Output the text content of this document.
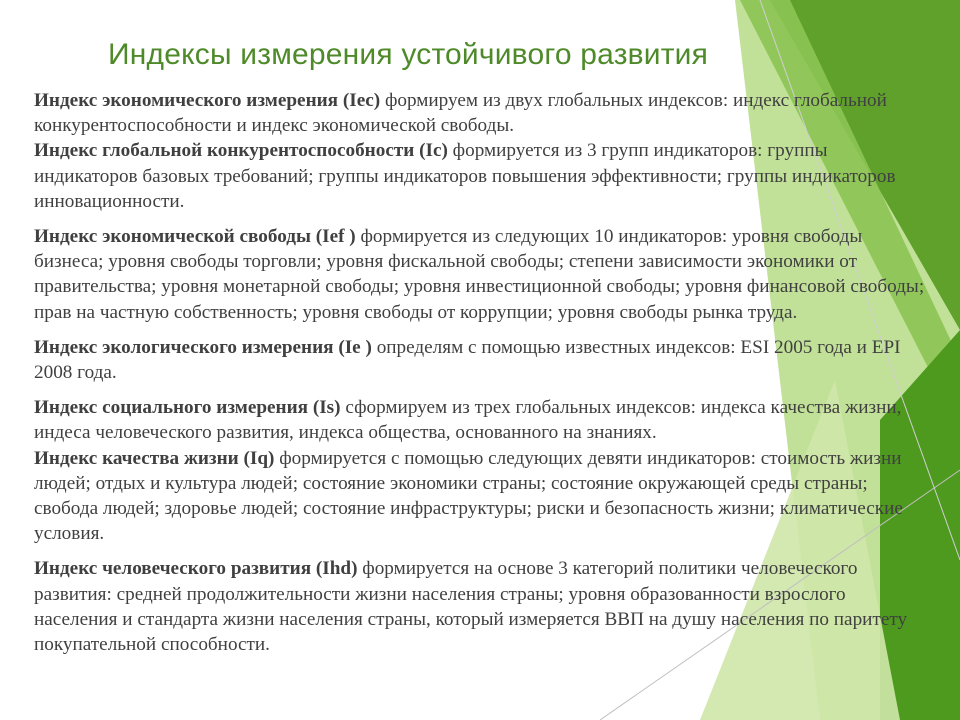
Индексы измерения устойчивого развития
Индекс экономического измерения (Iec) формируем из двух глобальных индексов: индекс глобальной конкурентоспособности и индекс экономической свободы.
Индекс глобальной конкурентоспособности (Ic) формируется из 3 групп индикаторов: группы индикаторов базовых требований; группы индикаторов повышения эффективности; группы индикаторов инновационности.
Индекс экономической свободы (Ief ) формируется из следующих 10 индикаторов: уровня свободы бизнеса; уровня свободы торговли; уровня фискальной свободы; степени зависимости экономики от правительства; уровня монетарной свободы; уровня инвестиционной свободы; уровня финансовой свободы; прав на частную собственность; уровня свободы от коррупции; уровня свободы рынка труда.
Индекс экологического измерения (Ie ) определям с помощью известных индексов: ESI 2005 года и EPI 2008 года.
Индекс социального измерения (Is) сформируем из трех глобальных индексов: индекса качества жизни, индеса человеческого развития, индекса общества, основанного на знаниях.
Индекс качества жизни (Iq) формируется с помощью следующих девяти индикаторов: стоимость жизни людей; отдых и культура людей; состояние экономики страны; состояние окружающей среды страны; свобода людей; здоровье людей; состояние инфраструктуры; риски и безопасность жизни; климатические условия.
Индекс человеческого развития (Ihd) формируется на основе 3 категорий политики человеческого развития: средней продолжительности жизни населения страны; уровня образованности взрослого населения и стандарта жизни населения страны, который измеряется ВВП на душу населения по паритету покупательной способности.
